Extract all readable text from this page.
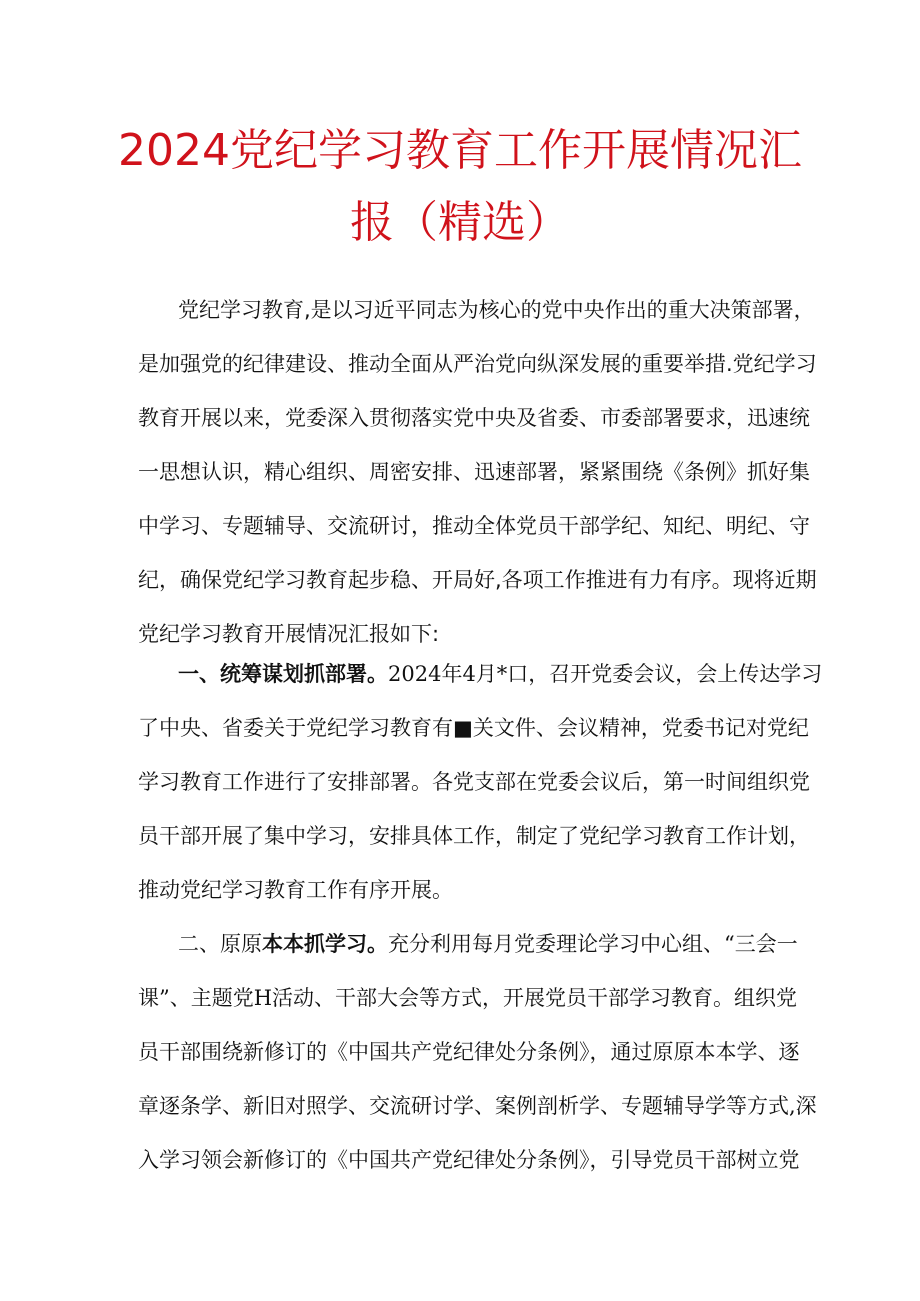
2024党纪学习教育工作开展情况汇
报（精选）
党纪学习教育,是以习近平同志为核心的党中央作出的重大决策部署，
是加强党的纪律建设、推动全面从严治党向纵深发展的重要举措.党纪学习
教育开展以来，党委深入贯彻落实党中央及省委、市委部署要求，迅速统
一思想认识，精心组织、周密安排、迅速部署，紧紧围绕《条例》抓好集
中学习、专题辅导、交流研讨，推动全体党员干部学纪、知纪、明纪、守
纪，确保党纪学习教育起步稳、开局好,各项工作推进有力有序。现将近期
党纪学习教育开展情况汇报如下:
一、统筹谋划抓部署。2024年4月*口，召开党委会议，会上传达学习
了中央、省委关于党纪学习教育有■关文件、会议精神，党委书记对党纪
学习教育工作进行了安排部署。各党支部在党委会议后，第一时间组织党
员干部开展了集中学习，安排具体工作，制定了党纪学习教育工作计划，
推动党纪学习教育工作有序开展。
二、原原本本抓学习。充分利用每月党委理论学习中心组、“三会一
课”、主题党H活动、干部大会等方式，开展党员干部学习教育。组织党
员干部围绕新修订的《中国共产党纪律处分条例》，通过原原本本学、逐
章逐条学、新旧对照学、交流研讨学、案例剖析学、专题辅导学等方式,深
入学习领会新修订的《中国共产党纪律处分条例》，引导党员干部树立党
